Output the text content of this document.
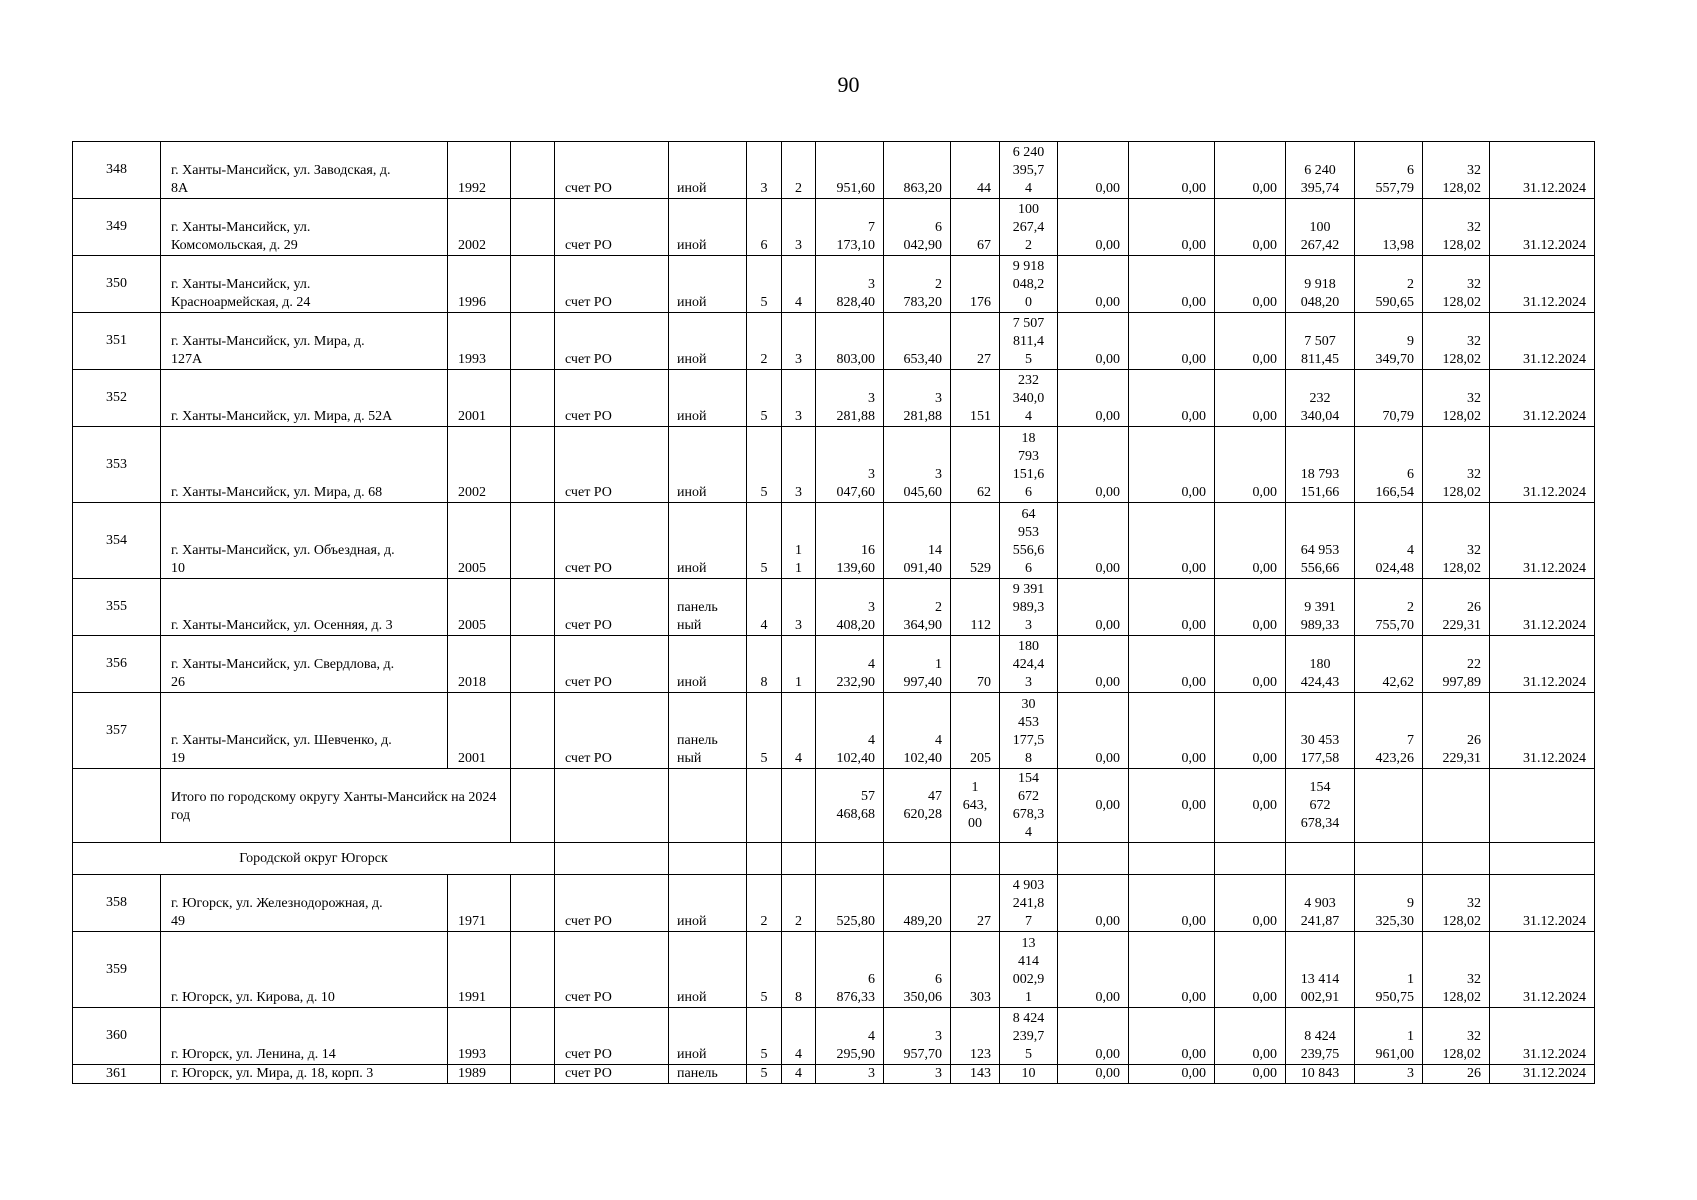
90
348	г. Ханты-Мансийск, ул. Заводская, д.
8А	1992		счет РО	иной	3	2	951,60	863,20	44	6 240
395,7
4	0,00	0,00	0,00	6 240
395,74	6
557,79	32
128,02	31.12.2024
349	г. Ханты-Мансийск, ул.
Комсомольская, д. 29	2002		счет РО	иной	6	3	7
173,10	6
042,90	67	100
267,4
2	0,00	0,00	0,00	100
267,42	13,98	32
128,02	31.12.2024
350	г. Ханты-Мансийск, ул.
Красноармейская, д. 24	1996		счет РО	иной	5	4	3
828,40	2
783,20	176	9 918
048,2
0	0,00	0,00	0,00	9 918
048,20	2
590,65	32
128,02	31.12.2024
351	г. Ханты-Мансийск, ул. Мира, д.
127А	1993		счет РО	иной	2	3	803,00	653,40	27	7 507
811,4
5	0,00	0,00	0,00	7 507
811,45	9
349,70	32
128,02	31.12.2024
352	г. Ханты-Мансийск, ул. Мира, д. 52А	2001		счет РО	иной	5	3	3
281,88	3
281,88	151	232
340,0
4	0,00	0,00	0,00	232
340,04	70,79	32
128,02	31.12.2024
353	г. Ханты-Мансийск, ул. Мира, д. 68	2002		счет РО	иной	5	3	3
047,60	3
045,60	62	18
793
151,6
6	0,00	0,00	0,00	18 793
151,66	6
166,54	32
128,02	31.12.2024
354	г. Ханты-Мансийск, ул. Объездная, д.
10	2005		счет РО	иной	5	1
1	16
139,60	14
091,40	529	64
953
556,6
6	0,00	0,00	0,00	64 953
556,66	4
024,48	32
128,02	31.12.2024
355	г. Ханты-Мансийск, ул. Осенняя, д. 3	2005		счет РО	панель
ный	4	3	3
408,20	2
364,90	112	9 391
989,3
3	0,00	0,00	0,00	9 391
989,33	2
755,70	26
229,31	31.12.2024
356	г. Ханты-Мансийск, ул. Свердлова, д.
26	2018		счет РО	иной	8	1	4
232,90	1
997,40	70	180
424,4
3	0,00	0,00	0,00	180
424,43	42,62	22
997,89	31.12.2024
357	г. Ханты-Мансийск, ул. Шевченко, д.
19	2001		счет РО	панель
ный	5	4	4
102,40	4
102,40	205	30
453
177,5
8	0,00	0,00	0,00	30 453
177,58	7
423,26	26
229,31	31.12.2024
	Итого по городскому округу Ханты-Мансийск на 2024 год							57
468,68	47
620,28	1
643,
00	154
672
678,3
4	0,00	0,00	0,00	154
672
678,34			
Городской округ Югорск																		
358	г. Югорск, ул. Железнодорожная, д.
49	1971		счет РО	иной	2	2	525,80	489,20	27	4 903
241,8
7	0,00	0,00	0,00	4 903
241,87	9
325,30	32
128,02	31.12.2024
359	г. Югорск, ул. Кирова, д. 10	1991		счет РО	иной	5	8	6
876,33	6
350,06	303	13
414
002,9
1	0,00	0,00	0,00	13 414
002,91	1
950,75	32
128,02	31.12.2024
360	г. Югорск, ул. Ленина, д. 14	1993		счет РО	иной	5	4	4
295,90	3
957,70	123	8 424
239,7
5	0,00	0,00	0,00	8 424
239,75	1
961,00	32
128,02	31.12.2024
361	г. Югорск, ул. Мира, д. 18, корп. 3	1989		счет РО	панель	5	4	3	3	143	10	0,00	0,00	0,00	10 843	3	26	31.12.2024
